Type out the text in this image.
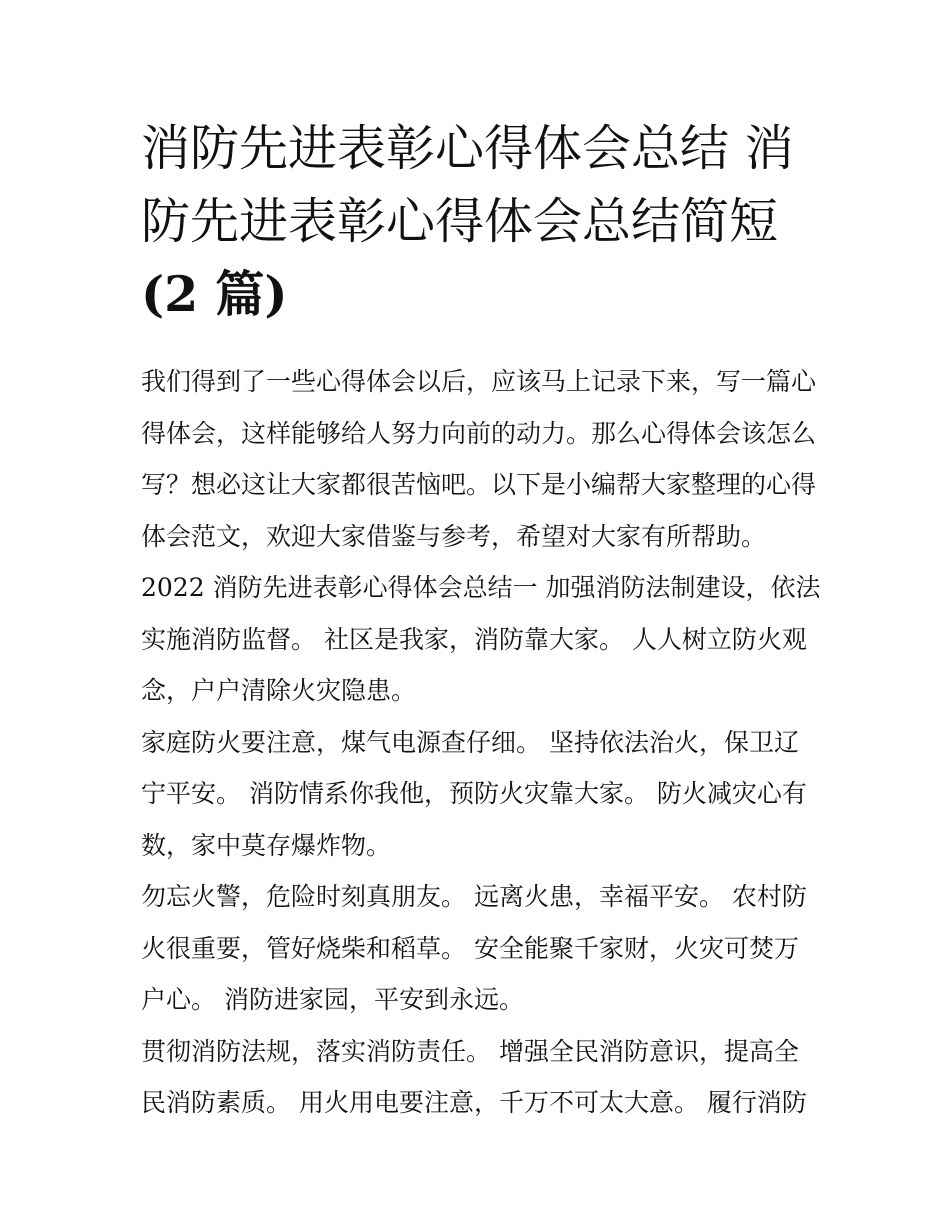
消防先进表彰心得体会总结 消
防先进表彰心得体会总结简短
(2 篇)
我们得到了一些心得体会以后，应该马上记录下来，写一篇心
得体会，这样能够给人努力向前的动力。那么心得体会该怎么
写？想必这让大家都很苦恼吧。以下是小编帮大家整理的心得
体会范文，欢迎大家借鉴与参考，希望对大家有所帮助。
2022 消防先进表彰心得体会总结一 加强消防法制建设，依法
实施消防监督。 社区是我家，消防靠大家。 人人树立防火观
念，户户清除火灾隐患。
家庭防火要注意，煤气电源查仔细。 坚持依法治火，保卫辽
宁平安。 消防情系你我他，预防火灾靠大家。 防火减灾心有
数，家中莫存爆炸物。
勿忘火警，危险时刻真朋友。 远离火患，幸福平安。 农村防
火很重要，管好烧柴和稻草。 安全能聚千家财，火灾可焚万
户心。 消防进家园，平安到永远。
贯彻消防法规，落实消防责任。 增强全民消防意识，提高全
民消防素质。 用火用电要注意，千万不可太大意。 履行消防
